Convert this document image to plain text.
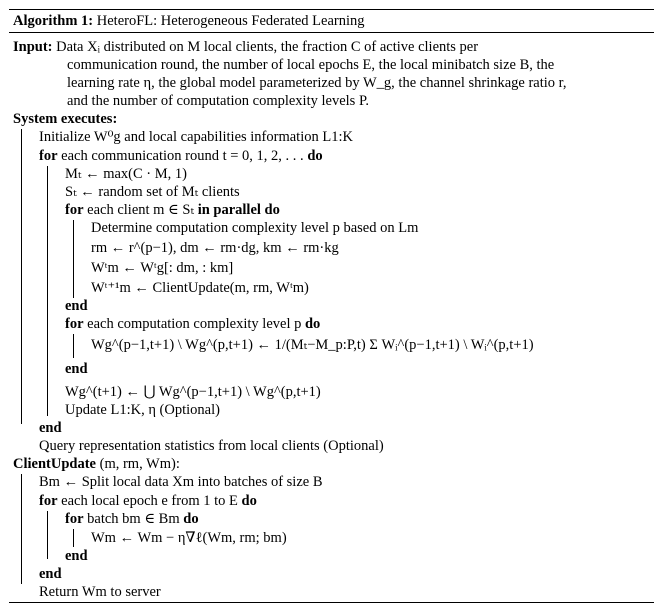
Algorithm 1: HeteroFL: Heterogeneous Federated Learning
Input: Data Xᵢ distributed on M local clients, the fraction C of active clients per
communication round, the number of local epochs E, the local minibatch size B, the
learning rate η, the global model parameterized by W_g, the channel shrinkage ratio r,
and the number of computation complexity levels P.
System executes:
Initialize W⁰g and local capabilities information L1:K
for each communication round t = 0, 1, 2, . . . do
Mₜ ← max(C · M, 1)
Sₜ ← random set of Mₜ clients
for each client m ∈ Sₜ in parallel do
Determine computation complexity level p based on Lm
rm ← r^(p−1), dm ← rm·dg, km ← rm·kg
Wᵗm ← Wᵗg[: dm, : km]
Wᵗ⁺¹m ← ClientUpdate(m, rm, Wᵗm)
end
for each computation complexity level p do
Wg^(p−1,t+1) \ Wg^(p,t+1) ← 1/(Mₜ−M_p:P,t) Σ Wᵢ^(p−1,t+1) \ Wᵢ^(p,t+1)
end
Wg^(t+1) ← ⋃ Wg^(p−1,t+1) \ Wg^(p,t+1)
Update L1:K, η (Optional)
end
Query representation statistics from local clients (Optional)
ClientUpdate (m, rm, Wm):
Bm ← Split local data Xm into batches of size B
for each local epoch e from 1 to E do
for batch bm ∈ Bm do
Wm ← Wm − η∇ℓ(Wm, rm; bm)
end
end
Return Wm to server
